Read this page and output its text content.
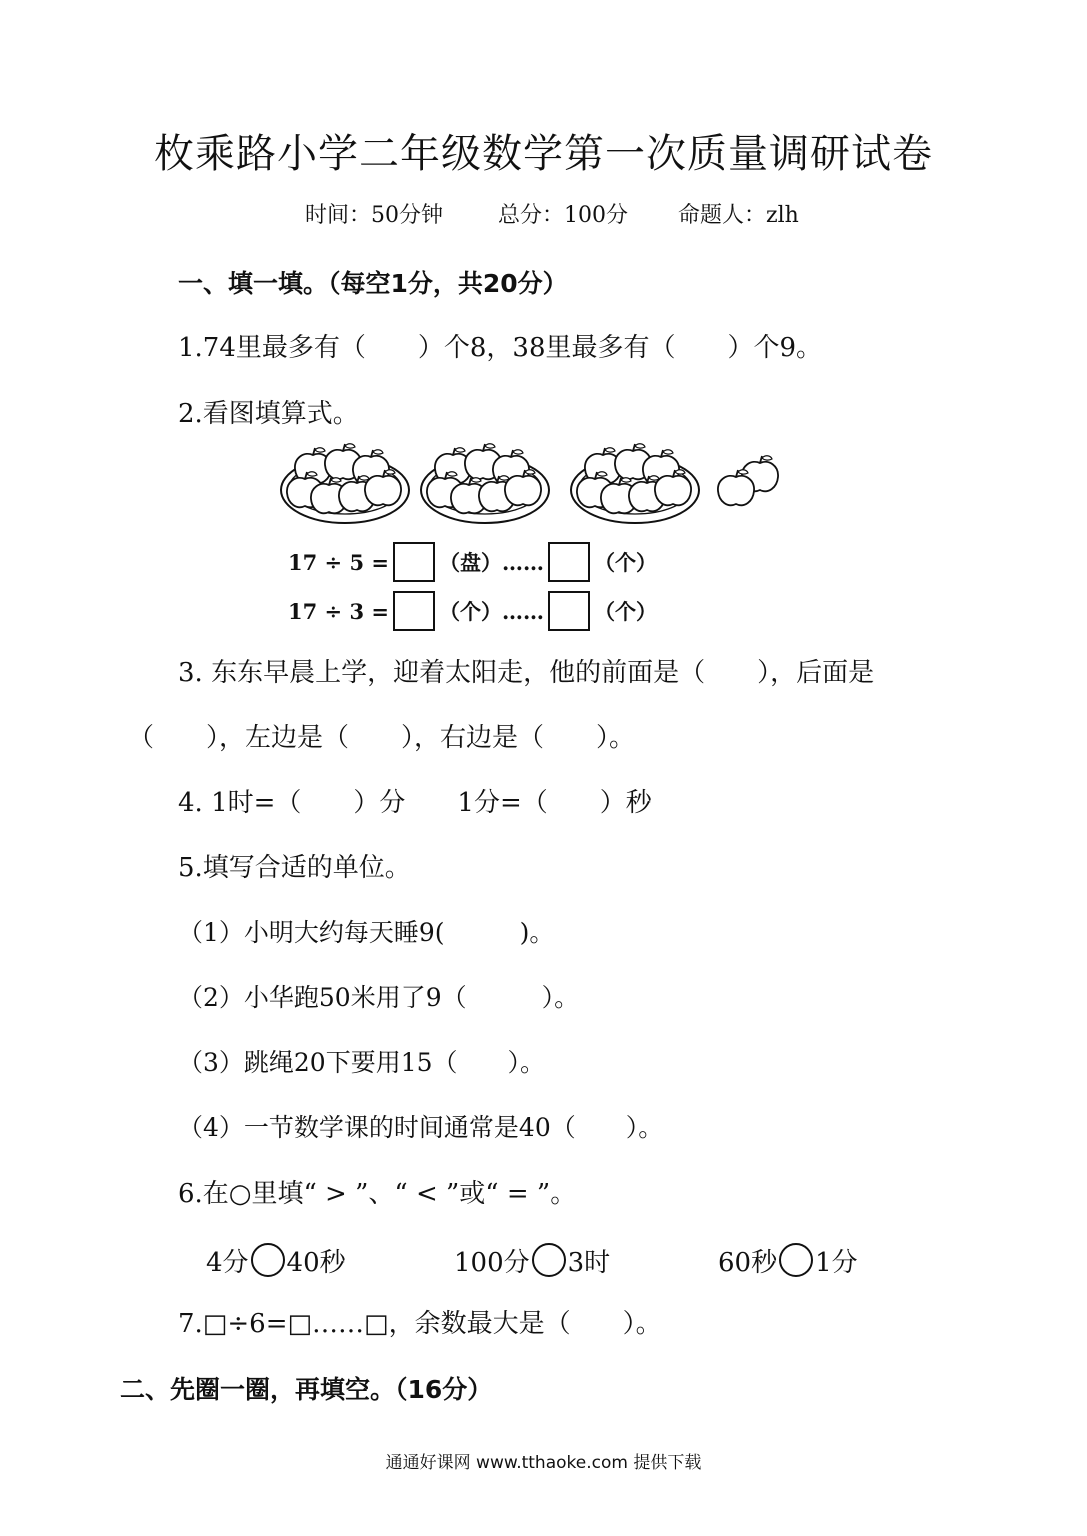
枚乘路小学二年级数学第一次质量调研试卷
时间：50分钟	总分：100分 命题人：zlh
一、填一填。（每空1分，共20分）
1.74里最多有（　　）个8，38里最多有（　　）个9。
2.看图填算式。
17 ÷ 5 = （盘）…… （个）
17 ÷ 3 = （个）…… （个）
3. 东东早晨上学，迎着太阳走，他的前面是（　　），后面是
（　　），左边是（　　），右边是（　　）。
4. 1时=（　　）分　　1分=（　　）秒
5.填写合适的单位。
（1）小明大约每天睡9(　　　)。
（2）小华跑50米用了9（　　　）。
（3）跳绳20下要用15（　　）。
（4）一节数学课的时间通常是40（　　）。
6.在○里填“ > ”、“ < ”或“ = ”。
4分 40秒	100分 3时	60秒 1分
7.□÷6=□……□，余数最大是（　　）。
二、先圈一圈，再填空。（16分）
通通好课网 www.tthaoke.com 提供下载
